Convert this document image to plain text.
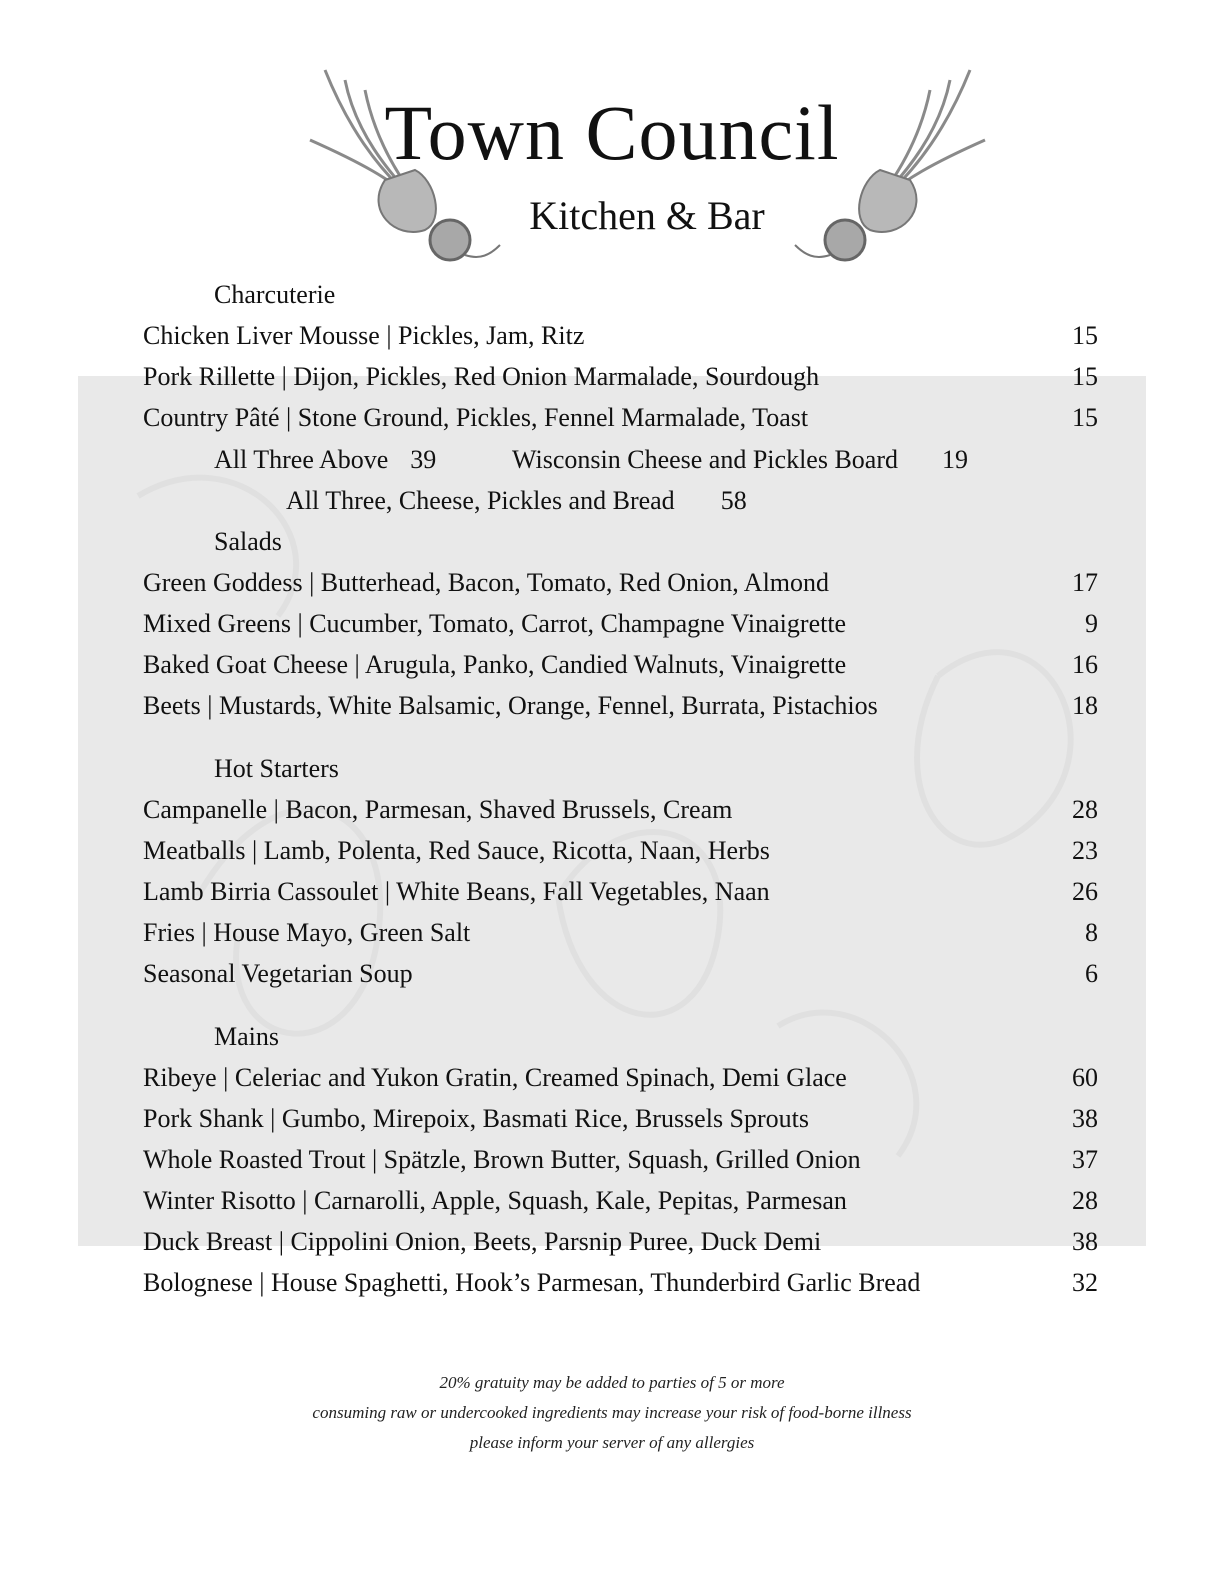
Town Council
Kitchen & Bar
Charcuterie
Chicken Liver Mousse | Pickles, Jam, Ritz	15
Pork Rillette | Dijon, Pickles, Red Onion Marmalade, Sourdough	15
Country Pâté | Stone Ground, Pickles, Fennel Marmalade, Toast	15
All Three Above 39	Wisconsin Cheese and Pickles Board 19
All Three, Cheese, Pickles and Bread 58
Salads
Green Goddess | Butterhead, Bacon, Tomato, Red Onion, Almond	17
Mixed Greens | Cucumber, Tomato, Carrot, Champagne Vinaigrette	9
Baked Goat Cheese | Arugula, Panko, Candied Walnuts, Vinaigrette	16
Beets | Mustards, White Balsamic, Orange, Fennel, Burrata, Pistachios	18
Hot Starters
Campanelle | Bacon, Parmesan, Shaved Brussels, Cream	28
Meatballs | Lamb, Polenta, Red Sauce, Ricotta, Naan, Herbs	23
Lamb Birria Cassoulet | White Beans, Fall Vegetables, Naan	26
Fries | House Mayo, Green Salt	8
Seasonal Vegetarian Soup	6
Mains
Ribeye | Celeriac and Yukon Gratin, Creamed Spinach, Demi Glace	60
Pork Shank | Gumbo, Mirepoix, Basmati Rice, Brussels Sprouts	38
Whole Roasted Trout | Spätzle, Brown Butter, Squash, Grilled Onion	37
Winter Risotto | Carnarolli, Apple, Squash, Kale, Pepitas, Parmesan	28
Duck Breast | Cippolini Onion, Beets, Parsnip Puree, Duck Demi	38
Bolognese | House Spaghetti, Hook’s Parmesan, Thunderbird Garlic Bread	32
20% gratuity may be added to parties of 5 or more
consuming raw or undercooked ingredients may increase your risk of food-borne illness
please inform your server of any allergies
